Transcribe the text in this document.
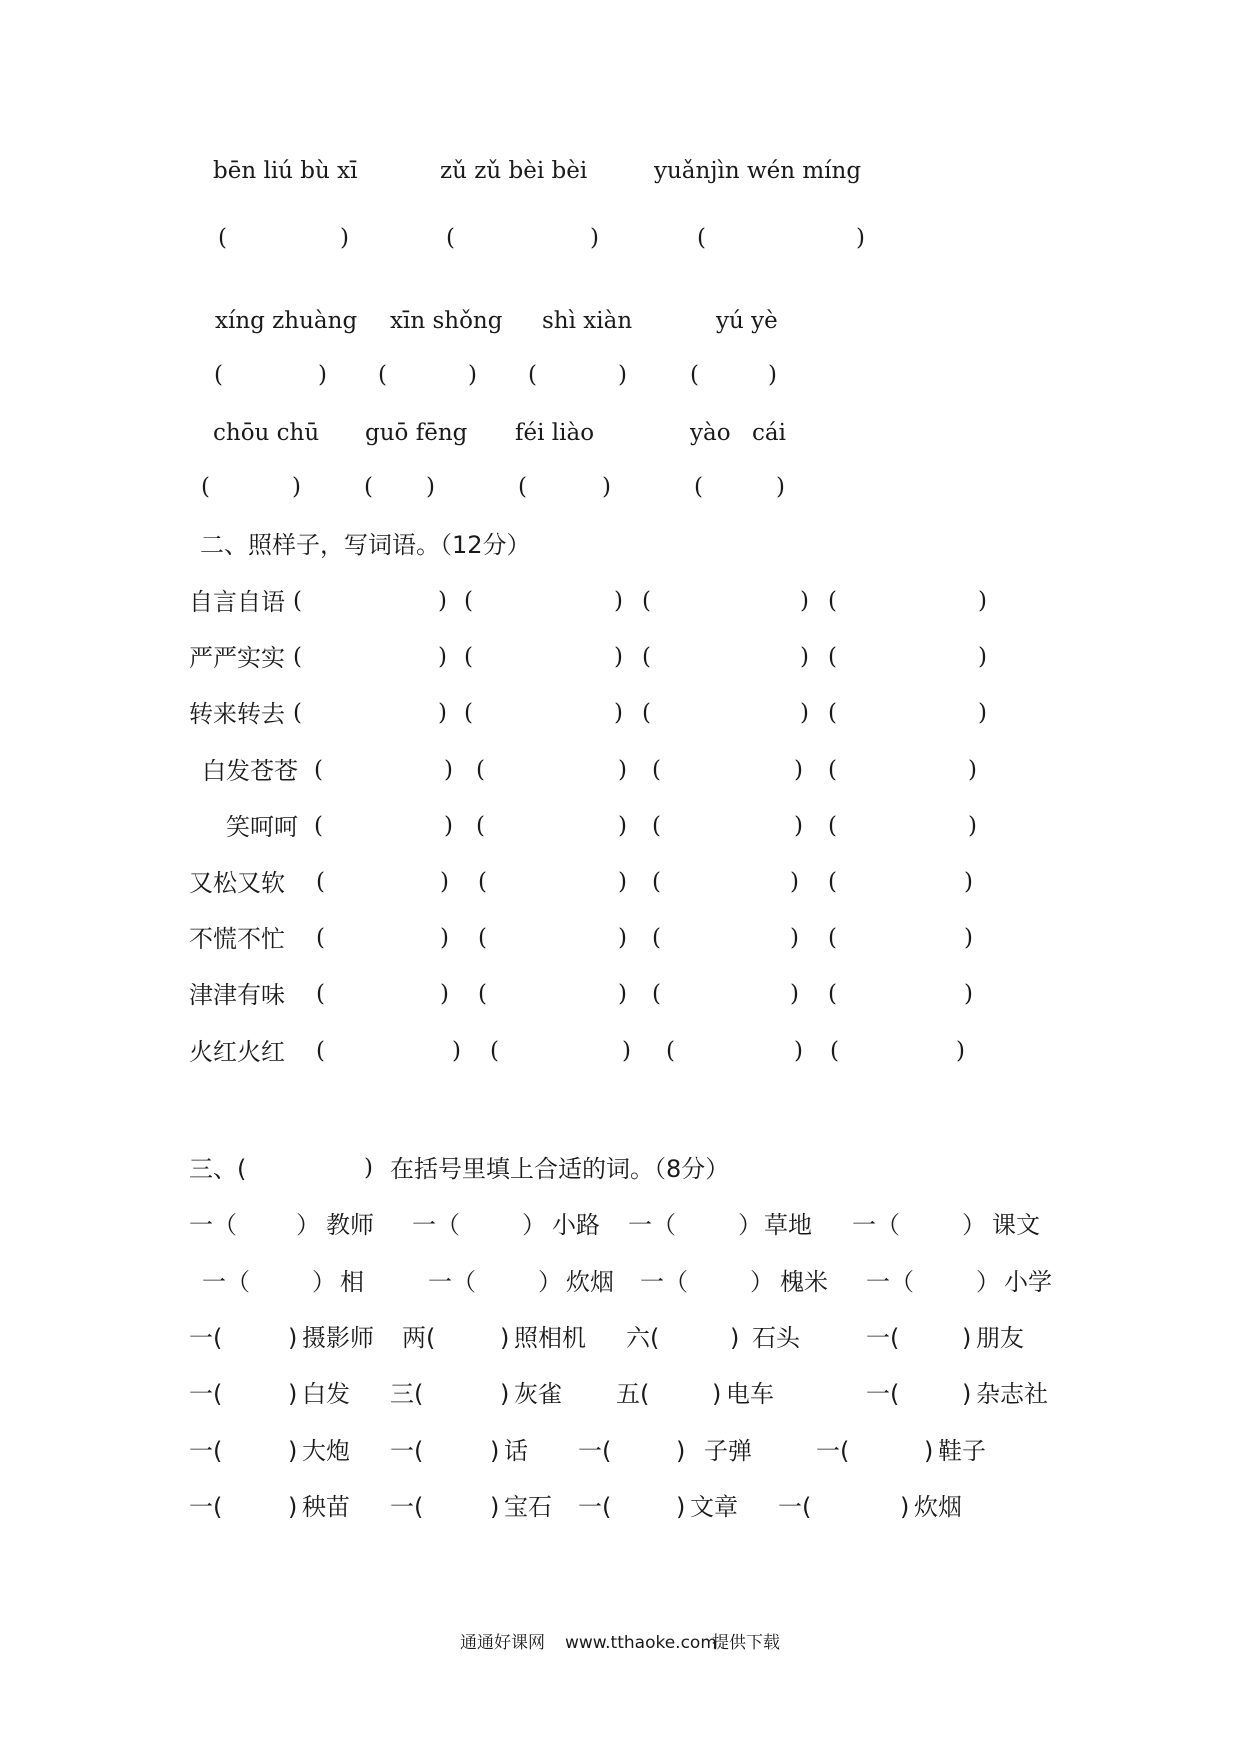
bēn liú bù xī	zǔ zǔ bèi bèi	yuǎnjìn wén míng
(	)	(	)	(	)
xíng zhuàng xīn shǒng shì xiàn	yú yè
(	) (	) (	)	(	)
chōu chū guō fēng féi liào	yào cái
(	)	( )	(	)	(	)
二、照样子，写词语。（12分）
自言自语 (	) (	) (	) (	)
严严实实 (	) (	) (	) (	)
转来转去 (	) (	) (	) (	)
白发苍苍 (	) (	) (	) (	)
笑呵呵 (	) (	) (	) (	)
又松又软 (	) (	) (	) (	)
不慌不忙 (	) (	) (	) (	)
津津有味 (	) (	) (	) (	)
火红火红 (	) (	) (	) (	)
三、(	) 在括号里填上合适的词。（8分）
一（ ） 教师 一（	） 小路 一（	） 草地 一（	） 课文
一（	） 相	一（	） 炊烟 一（	） 槐米 一（	） 小学
一(	) 摄影师 两(	) 照相机 六(	) 石头	一(	) 朋友
一(	) 白发 三(	) 灰雀 五(	) 电车	一(	) 杂志社
一(	) 大炮 一(	) 话 一(	) 子弹	一(	) 鞋子
一(	) 秧苗 一(	) 宝石 一(	) 文章 一(	) 炊烟
通通好课网 www.tthaoke.com
提供下载
